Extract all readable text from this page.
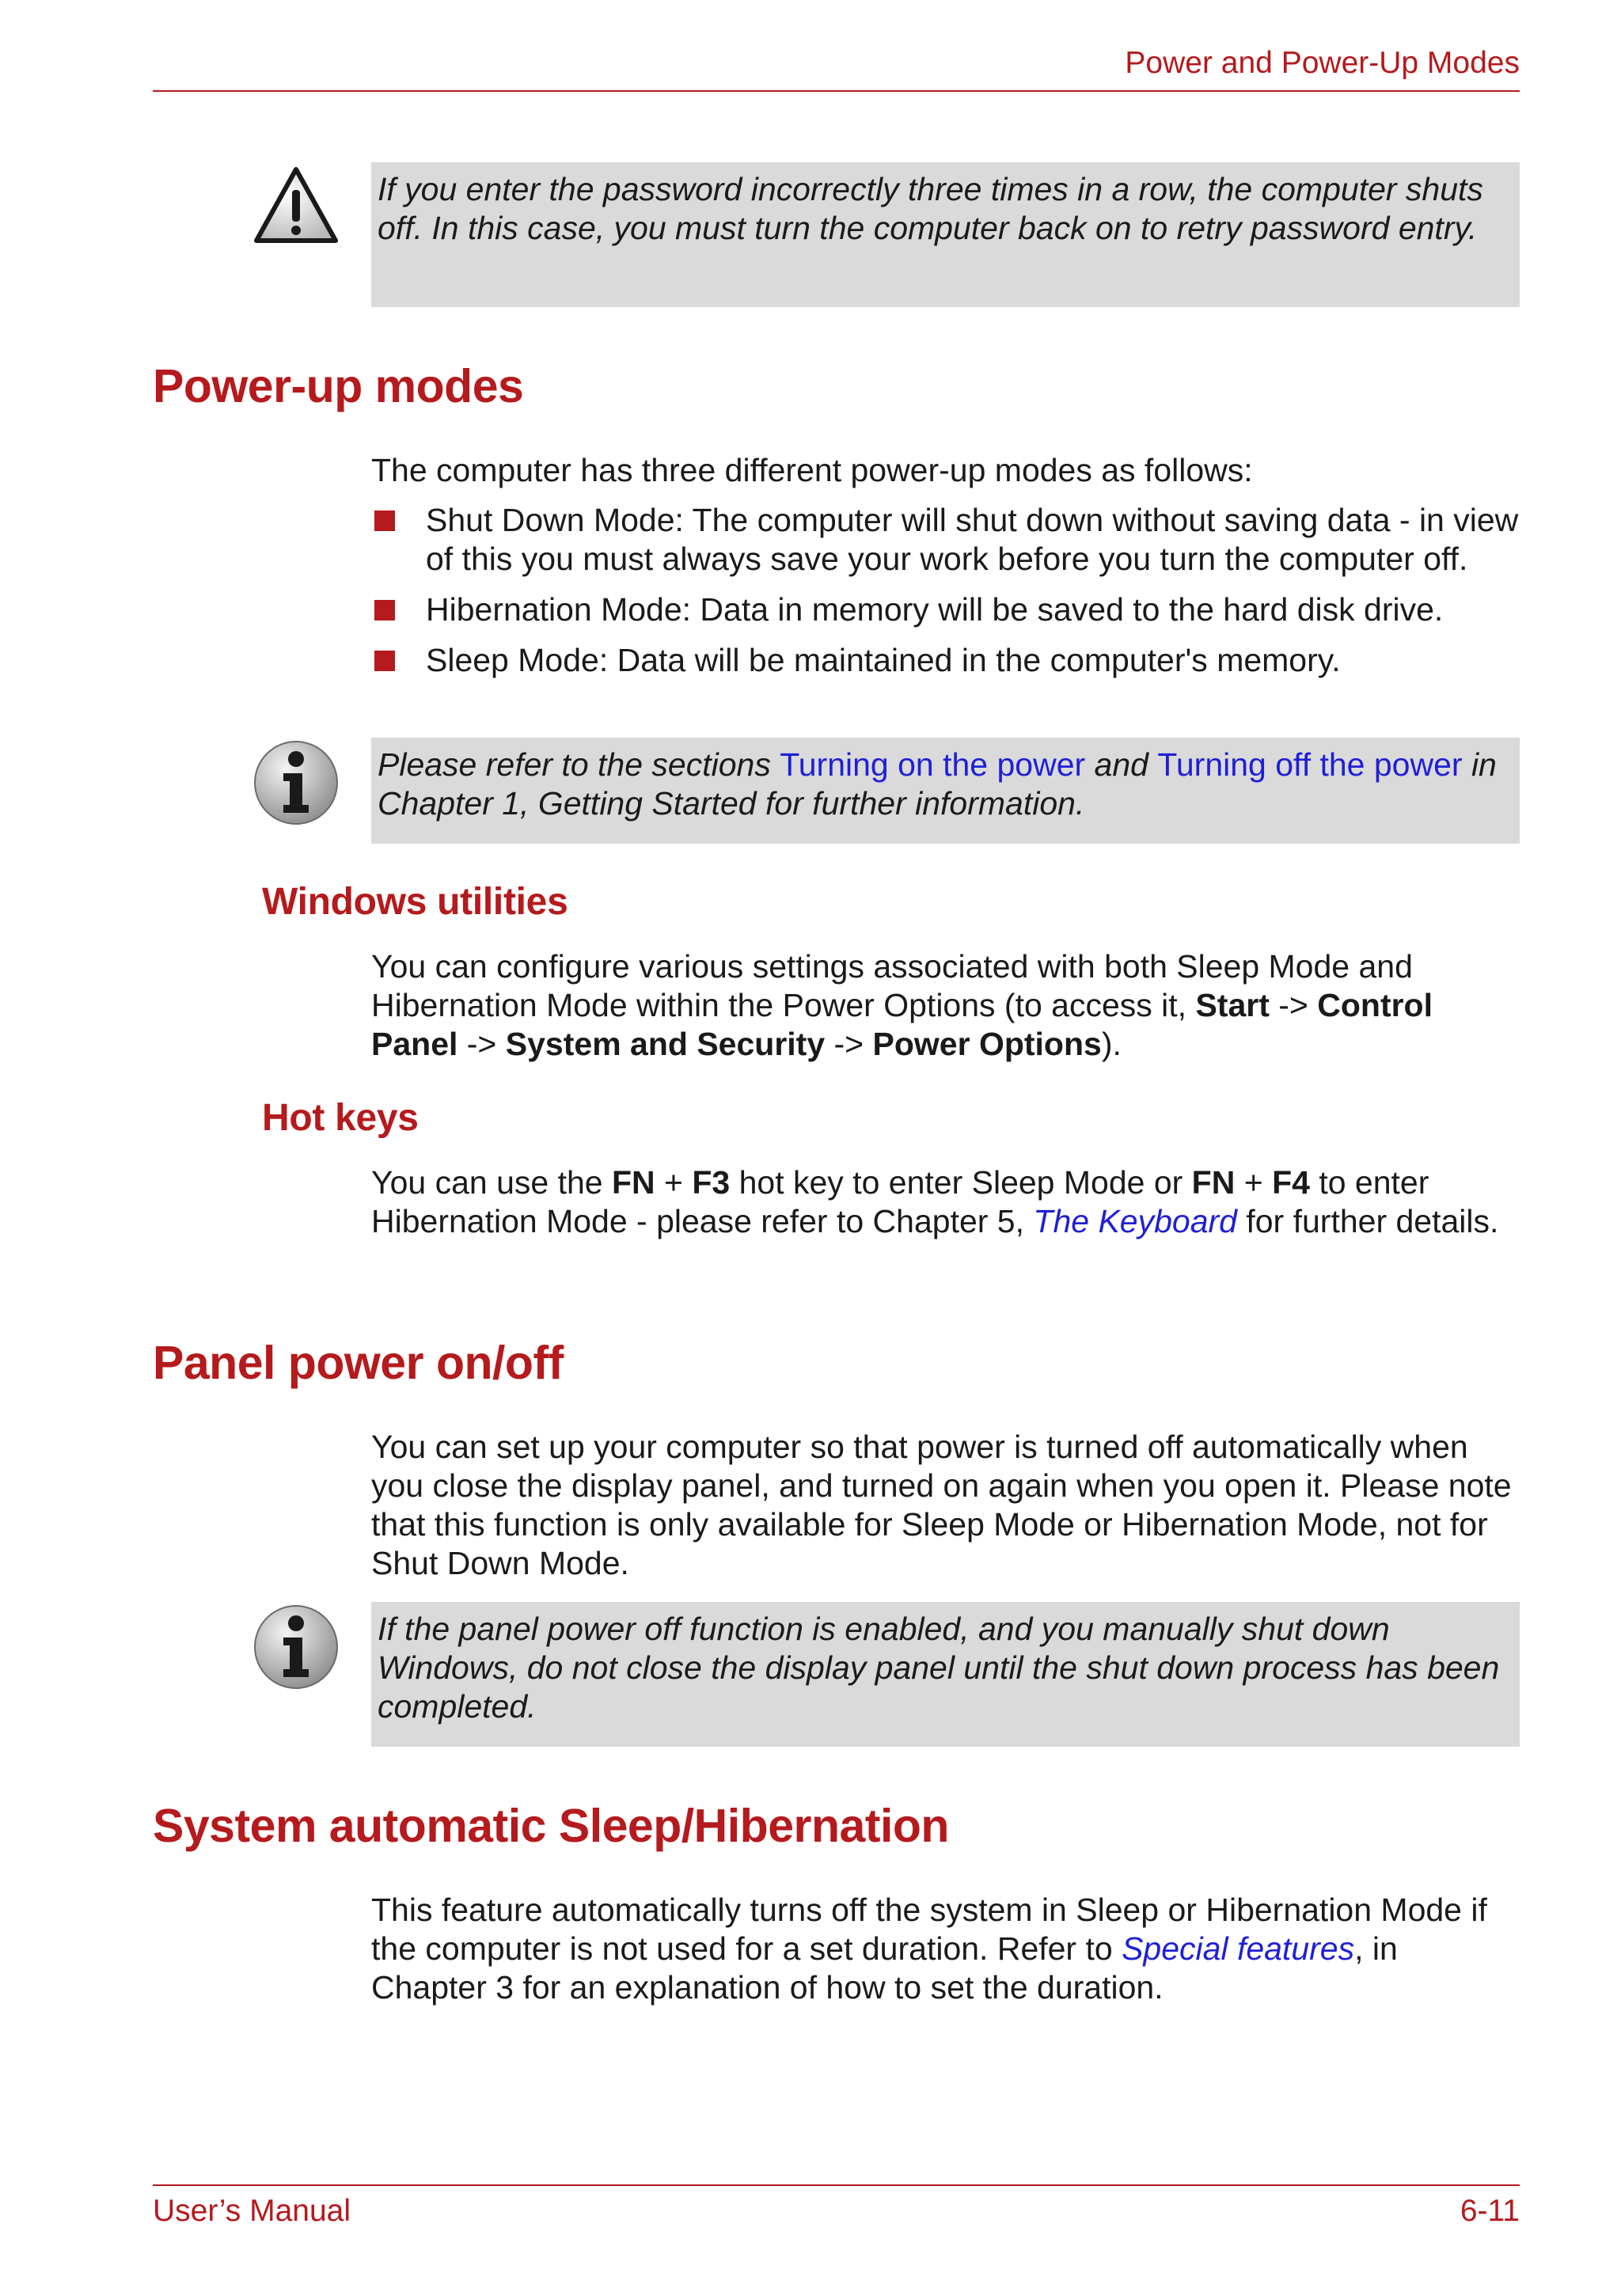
Power and Power-Up Modes
If you enter the password incorrectly three times in a row, the computer shuts off. In this case, you must turn the computer back on to retry password entry.
Power-up modes
The computer has three different power-up modes as follows:
Shut Down Mode: The computer will shut down without saving data - in view of this you must always save your work before you turn the computer off.
Hibernation Mode: Data in memory will be saved to the hard disk drive.
Sleep Mode: Data will be maintained in the computer's memory.
Please refer to the sections Turning on the power and Turning off the power in Chapter 1, Getting Started for further information.
Windows utilities
You can configure various settings associated with both Sleep Mode and Hibernation Mode within the Power Options (to access it, Start -> Control Panel -> System and Security -> Power Options).
Hot keys
You can use the FN + F3 hot key to enter Sleep Mode or FN + F4 to enter Hibernation Mode - please refer to Chapter 5, The Keyboard for further details.
Panel power on/off
You can set up your computer so that power is turned off automatically when you close the display panel, and turned on again when you open it. Please note that this function is only available for Sleep Mode or Hibernation Mode, not for Shut Down Mode.
If the panel power off function is enabled, and you manually shut down Windows, do not close the display panel until the shut down process has been completed.
System automatic Sleep/Hibernation
This feature automatically turns off the system in Sleep or Hibernation Mode if the computer is not used for a set duration. Refer to Special features, in Chapter 3 for an explanation of how to set the duration.
User’s Manual	6-11
